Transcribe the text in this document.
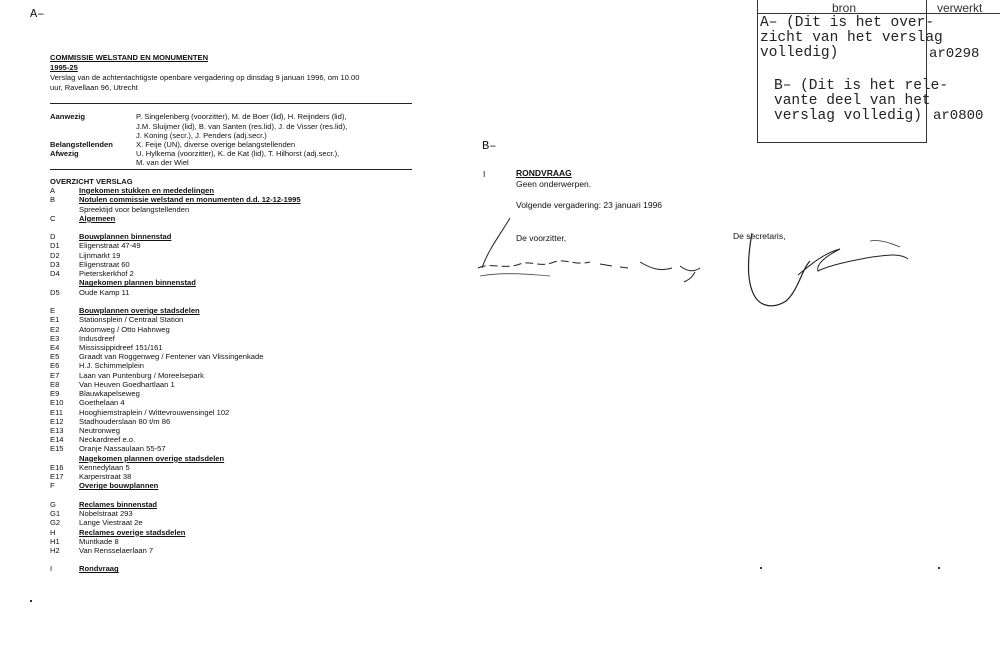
A–
B–
bron	verwerkt
A– (Dit is het over-
zicht van het verslag
volledig)	ar0298
B– (Dit is het rele-
vante deel van het
verslag volledig) ar0800
COMMISSIE WELSTAND EN MONUMENTEN
1995-25
Verslag van de achtentachtigste openbare vergadering op dinsdag 9 januari 1996, om 10.00
uur, Ravellaan 96, Utrecht
Aanwezig	P. Singelenberg (voorzitter), M. de Boer (lid), H. Reijnders (lid),
J.M. Sluijmer (lid), B. van Santen (res.lid), J. de Visser (res.lid),
J. Koning (secr.), J. Penders (adj.secr.)
Belangstellenden	X. Feije (UN), diverse overige belangstellenden
Afwezig	U. Hylkema (voorzitter), K. de Kat (lid), T. Hilhorst (adj.secr.),
M. van der Wiel
OVERZICHT VERSLAG
A	Ingekomen stukken en mededelingen
B	Notulen commissie welstand en monumenten d.d. 12-12-1995
Spreektijd voor belangstellenden
C	Algemeen
D	Bouwplannen binnenstad
D1	Eligenstraat 47-49
D2	Lijnmarkt 19
D3	Eligenstraat 60
D4	Pieterskerkhof 2
Nagekomen plannen binnenstad
D5	Oude Kamp 11
E	Bouwplannen overige stadsdelen
E1	Stationsplein / Centraal Station
E2	Atoomweg / Otto Hahnweg
E3	Indusdreef
E4	Mississippidreef 151/161
E5	Graadt van Roggenweg / Fentener van Vlissingenkade
E6	H.J. Schimmelplein
E7	Laan van Puntenburg / Moreelsepark
E8	Van Heuven Goedhartlaan 1
E9	Blauwkapelseweg
E10 Goethelaan 4
E11 Hooghiemstraplein / Wittevrouwensingel 102
E12 Stadhouderslaan 80 t/m 86
E13 Neutronweg
E14 Neckardreef e.o.
E15 Oranje Nassaulaan 55-57
Nagekomen plannen overige stadsdelen
E16 Kennedylaan 5
E17 Karperstraat 38
F	Overige bouwplannen
G	Reclames binnenstad
G1 Nobelstraat 293
G2 Lange Viestraat 2e
H	Reclames overige stadsdelen
H1	Muntkade 8
H2	Van Rensselaerlaan 7
I	Rondvraag
I	RONDVRAAG
Geen onderwerpen.
Volgende vergadering: 23 januari 1996
De voorzitter,	De secretaris,
